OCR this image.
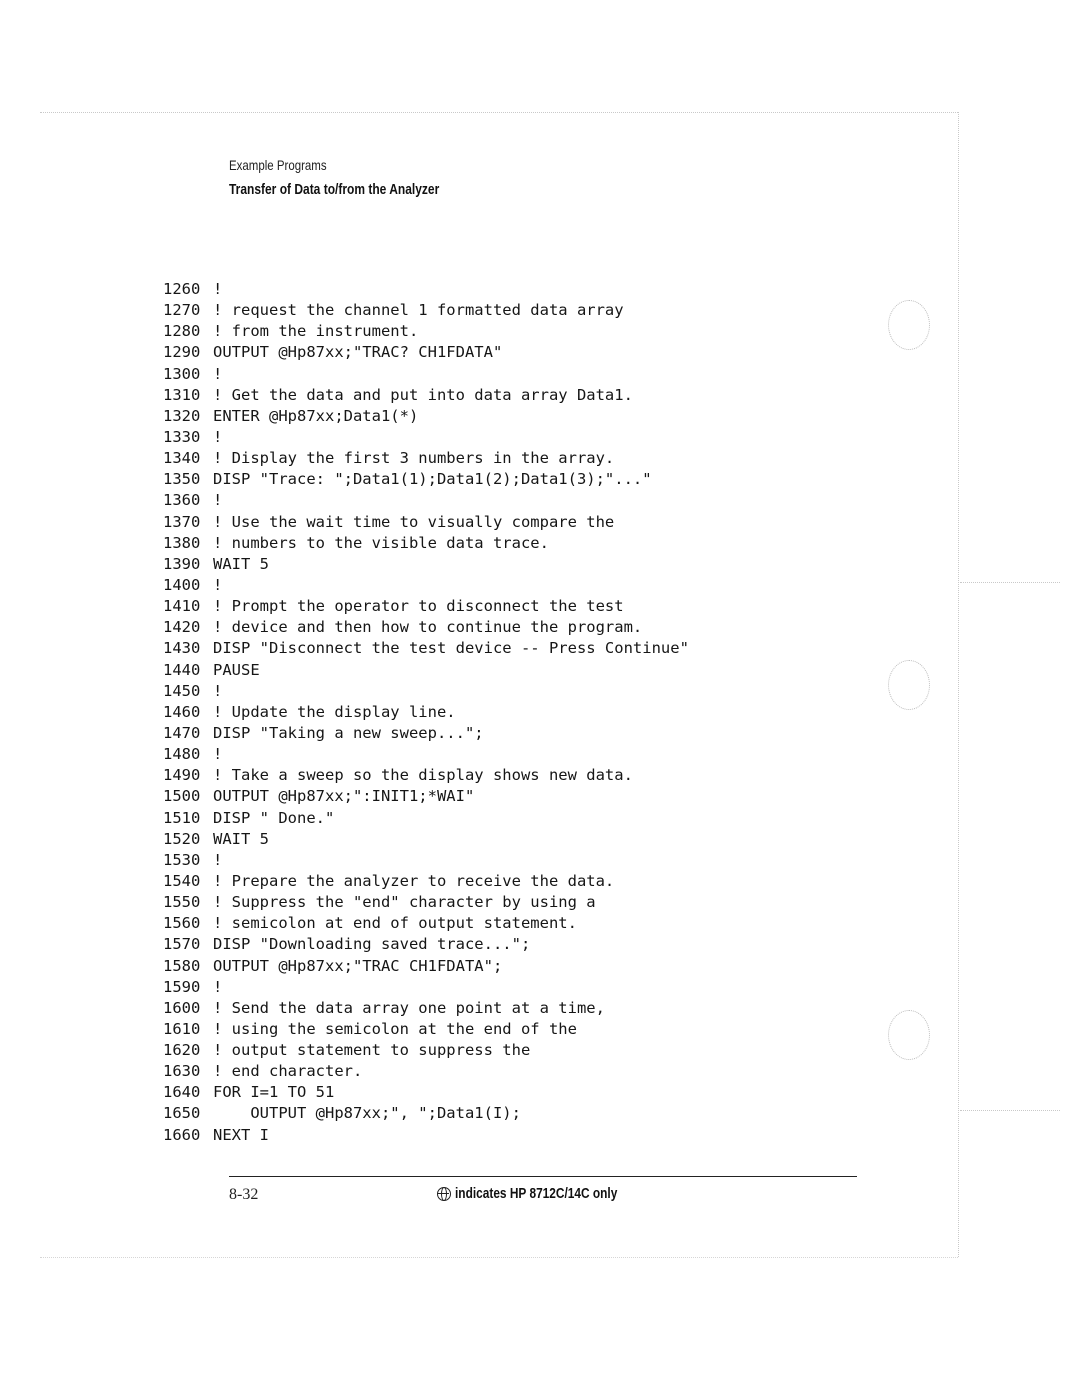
Example Programs
Transfer of Data to/from the Analyzer
1260 !
1270 ! request the channel 1 formatted data array
1280 ! from the instrument.
1290 OUTPUT @Hp87xx;"TRAC? CH1FDATA"
1300 !
1310 ! Get the data and put into data array Data1.
1320 ENTER @Hp87xx;Data1(*)
1330 !
1340 ! Display the first 3 numbers in the array.
1350 DISP "Trace: ";Data1(1);Data1(2);Data1(3);"..."
1360 !
1370 ! Use the wait time to visually compare the
1380 ! numbers to the visible data trace.
1390 WAIT 5
1400 !
1410 ! Prompt the operator to disconnect the test
1420 ! device and then how to continue the program.
1430 DISP "Disconnect the test device -- Press Continue"
1440 PAUSE
1450 !
1460 ! Update the display line.
1470 DISP "Taking a new sweep...";
1480 !
1490 ! Take a sweep so the display shows new data.
1500 OUTPUT @Hp87xx;":INIT1;*WAI"
1510 DISP " Done."
1520 WAIT 5
1530 !
1540 ! Prepare the analyzer to receive the data.
1550 ! Suppress the "end" character by using a
1560 ! semicolon at end of output statement.
1570 DISP "Downloading saved trace...";
1580 OUTPUT @Hp87xx;"TRAC CH1FDATA";
1590 !
1600 ! Send the data array one point at a time,
1610 ! using the semicolon at the end of the
1620 ! output statement to suppress the
1630 ! end character.
1640 FOR I=1 TO 51
1650    OUTPUT @Hp87xx;", ";Data1(I);
1660 NEXT I
8-32	indicates HP 8712C/14C only
